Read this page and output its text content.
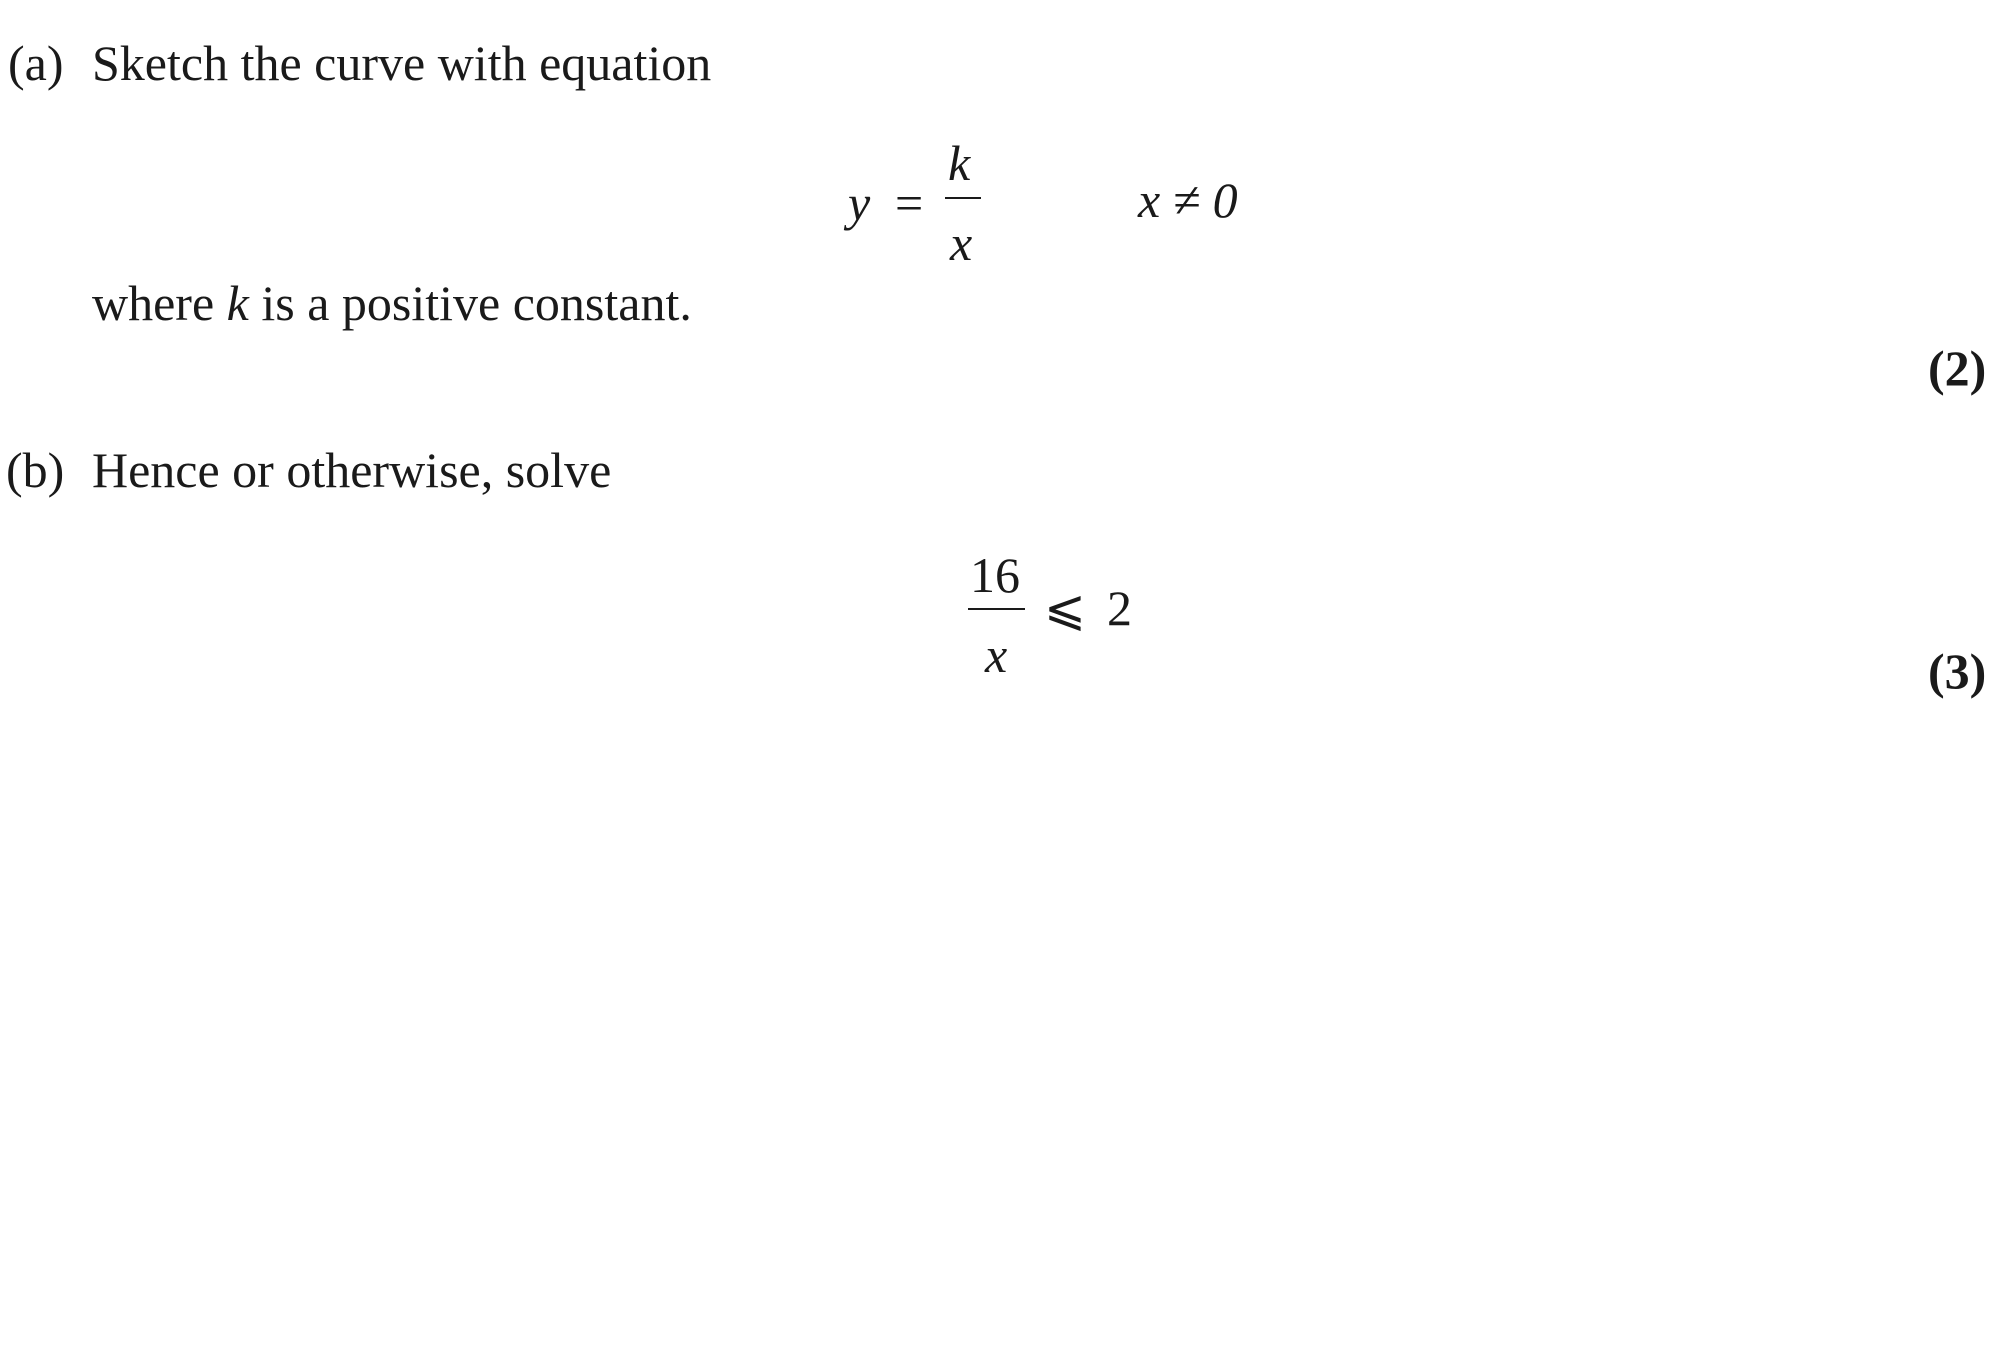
(a) Sketch the curve with equation
y =
k
x
x ≠ 0
where k is a positive constant.
(2)
(b) Hence or otherwise, solve
16
x
⩽ 2
(3)
